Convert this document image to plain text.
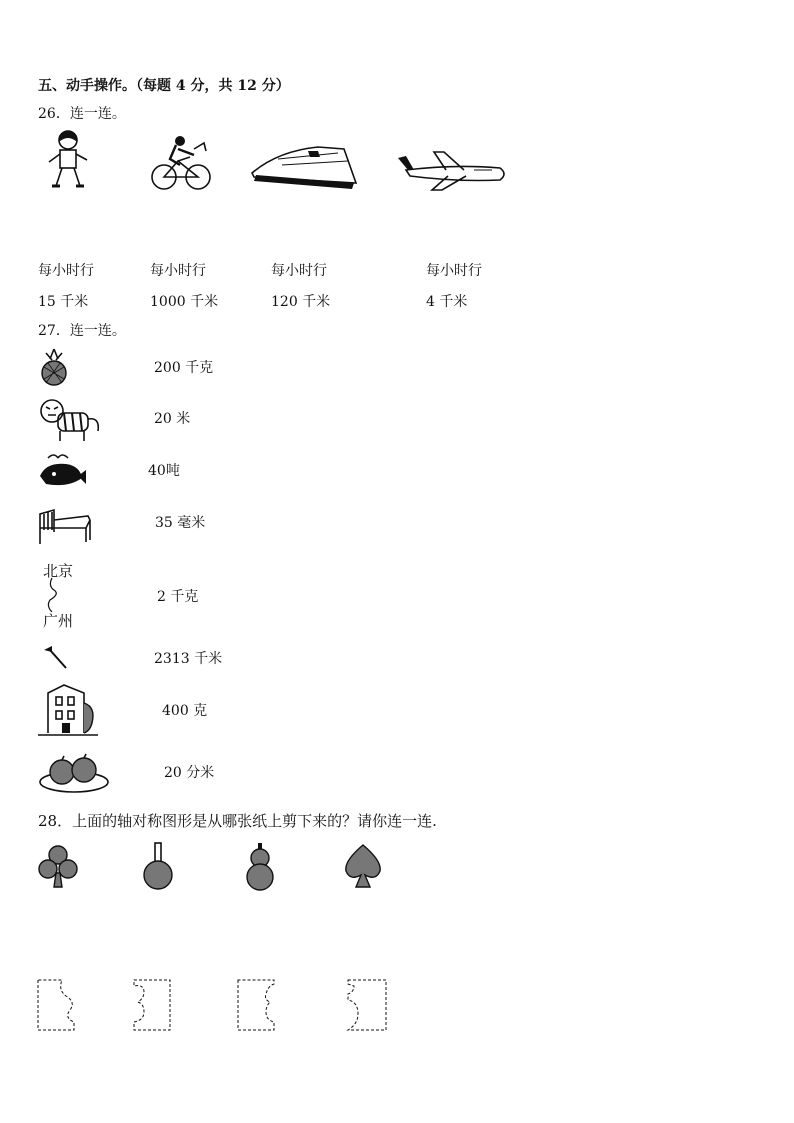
五、动手操作。（每题 4 分，共 12 分）
26．连一连。
每小时行
15 千米
每小时行
1000 千米
每小时行
120 千米
每小时行
4 千米
27．连一连。
北京
广州
200 千克
20 米
40吨
35 毫米
2 千克
2313 千米
400 克
20 分米
28．上面的轴对称图形是从哪张纸上剪下来的？请你连一连.
